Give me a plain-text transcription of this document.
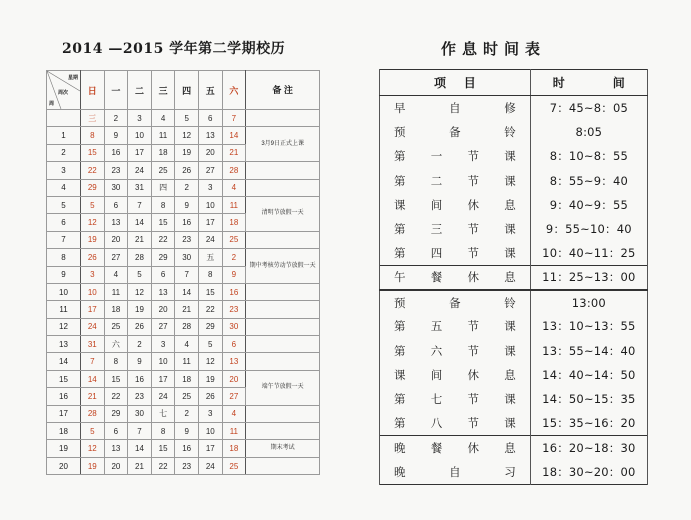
2014 —2015 学年第二学期校历
星期
周次
周	日	一	二	三	四	五	六	备 注
	三	2	3	4	5	6	7	
1	8	9	10	11	12	13	14	3月9日正式上课
2	15	16	17	18	19	20	21	
3	22	23	24	25	26	27	28	
4	29	30	31	四	2	3	4	
5	5	6	7	8	9	10	11	清明节放假一天
6	12	13	14	15	16	17	18	
7	19	20	21	22	23	24	25	
8	26	27	28	29	30	五	2	期中考核劳动节放假一天
9	3	4	5	6	7	8	9	
10	10	11	12	13	14	15	16	
11	17	18	19	20	21	22	23	
12	24	25	26	27	28	29	30	
13	31	六	2	3	4	5	6	
14	7	8	9	10	11	12	13	
15	14	15	16	17	18	19	20	端午节放假一天
16	21	22	23	24	25	26	27	
17	28	29	30	七	2	3	4	
18	5	6	7	8	9	10	11	
19	12	13	14	15	16	17	18	期末考试
20	19	20	21	22	23	24	25	
作息时间表
项 目	时 间

早 自 修	7：45~8：05

预 备 铃	8:05

第 一 节 课	8：10~8：55

第 二 节 课	8：55~9：40

课 间 休 息	9：40~9：55

第 三 节 课	9：55~10：40

第 四 节 课	10：40~11：25

午 餐 休 息	11：25~13：00

预 备 铃	13:00

第 五 节 课	13：10~13：55

第 六 节 课	13：55~14：40

课 间 休 息	14：40~14：50

第 七 节 课	14：50~15：35

第 八 节 课	15：35~16：20

晚 餐 休 息	16：20~18：30

晚 自 习	18：30~20：00
